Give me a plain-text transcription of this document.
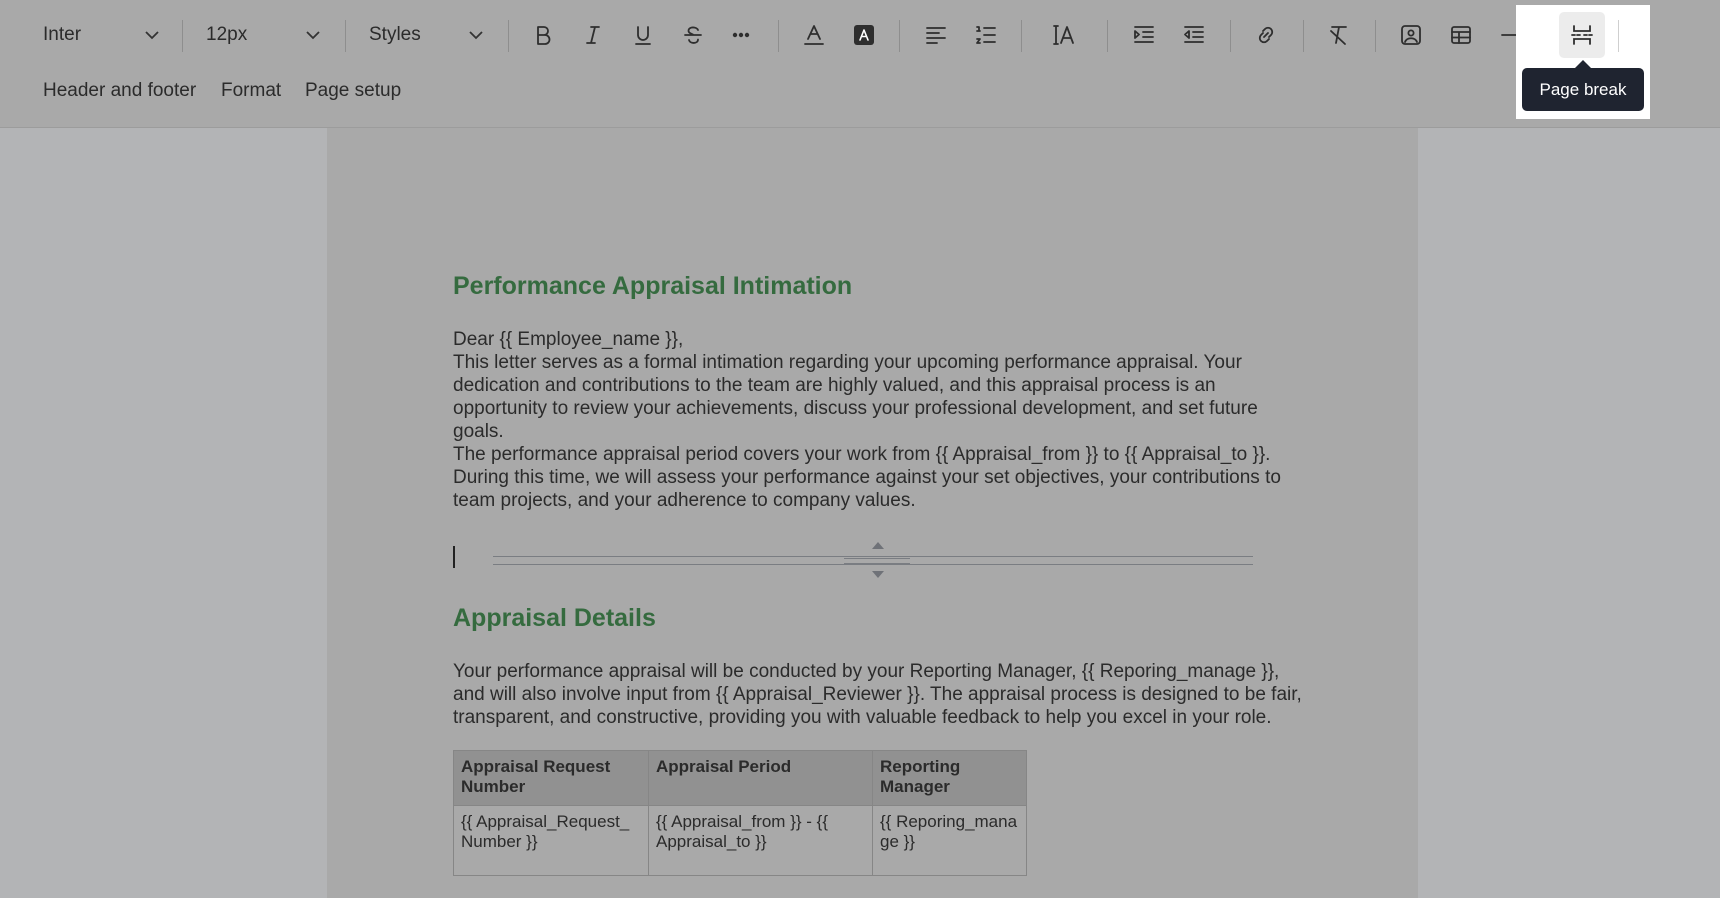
Inter	12px	Styles
Header and footer Format Page setup	Page break
Performance Appraisal Intimation

Dear {{ Employee_name }},

This letter serves as a formal intimation regarding your upcoming performance appraisal. Your dedication and contributions to the team are highly valued, and this appraisal process is an opportunity to review your achievements, discuss your professional development, and set future goals.

The performance appraisal period covers your work from {{ Appraisal_from }} to {{ Appraisal_to }}. During this time, we will assess your performance against your set objectives, your contributions to team projects, and your adherence to company values.

Appraisal Details

Your performance appraisal will be conducted by your Reporting Manager, {{ Reporing_manage }}, and will also involve input from {{ Appraisal_Reviewer }}. The appraisal process is designed to be fair, transparent, and constructive, providing you with valuable feedback to help you excel in your role.

Appraisal Request Number	Appraisal Period	Reporting Manager
{{ Appraisal_Request_Number }}	{{ Appraisal_from }} - {{ Appraisal_to }}	{{ Reporing_manage }}
